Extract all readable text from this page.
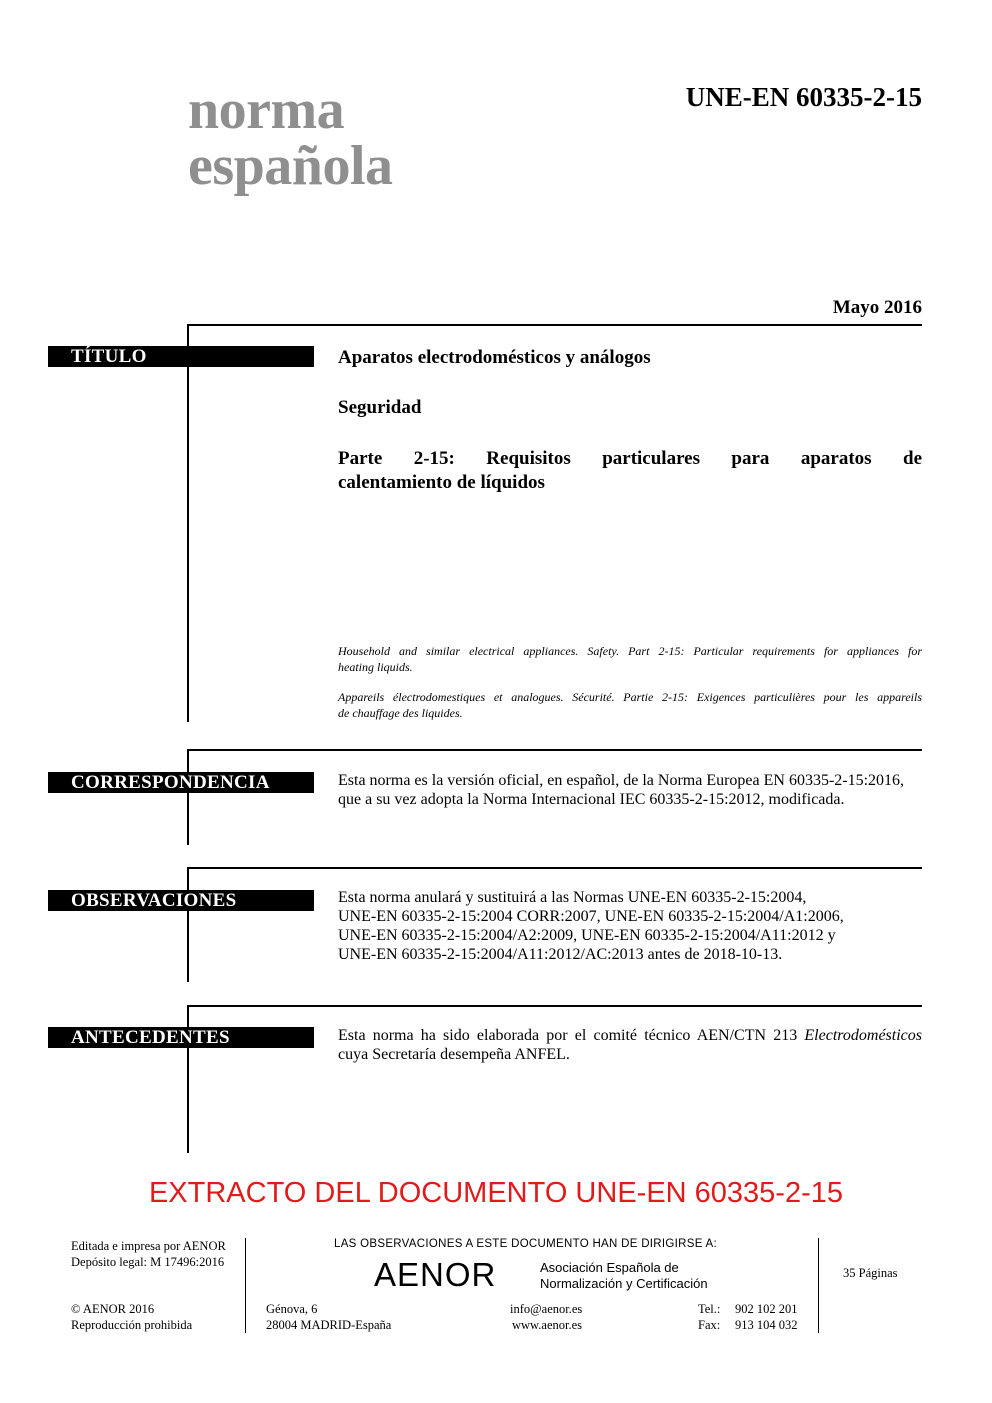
norma
española
UNE-EN 60335-2-15
Mayo 2016
TÍTULO	Aparatos electrodomésticos y análogos
Seguridad
Parte 2-15: Requisitos particulares para aparatos de
calentamiento de líquidos
Household and similar electrical appliances. Safety. Part 2-15: Particular requirements for appliances for
heating liquids.
Appareils électrodomestiques et analogues. Sécurité. Partie 2-15: Exigences particulières pour les appareils
de chauffage des liquides.
CORRESPONDENCIA	Esta norma es la versión oficial, en español, de la Norma Europea EN 60335-2-15:2016,
que a su vez adopta la Norma Internacional IEC 60335-2-15:2012, modificada.
OBSERVACIONES	Esta norma anulará y sustituirá a las Normas UNE-EN 60335-2-15:2004,
UNE-EN 60335-2-15:2004 CORR:2007, UNE-EN 60335-2-15:2004/A1:2006,
UNE-EN 60335-2-15:2004/A2:2009, UNE-EN 60335-2-15:2004/A11:2012 y
UNE-EN 60335-2-15:2004/A11:2012/AC:2013 antes de 2018-10-13.
ANTECEDENTES	Esta norma ha sido elaborada por el comité técnico AEN/CTN 213 Electrodomésticos
cuya Secretaría desempeña ANFEL.
EXTRACTO DEL DOCUMENTO UNE-EN 60335-2-15
Editada e impresa por AENOR
Depósito legal: M 17496:2016
© AENOR 2016
Reproducción prohibida
LAS OBSERVACIONES A ESTE DOCUMENTO HAN DE DIRIGIRSE A:
AENOR	Asociación Española de
Normalización y Certificación
Génova, 6
28004 MADRID-España
info@aenor.es
www.aenor.es
Tel.: 902 102 201
Fax: 913 104 032
35 Páginas
